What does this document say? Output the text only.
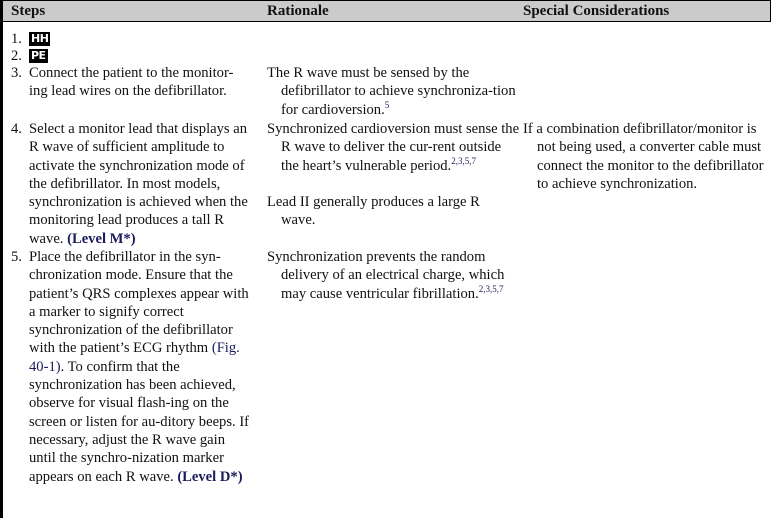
Steps	Rationale	Special Considerations
1. HH
2. PE
3. Connect the patient to the monitor-ing lead wires on the defibrillator.
4. Select a monitor lead that displays an R wave of sufficient amplitude to activate the synchronization mode of the defibrillator. In most models, synchronization is achieved when the monitoring lead produces a tall R wave. (Level M*)
5. Place the defibrillator in the syn-chronization mode. Ensure that the patient’s QRS complexes appear with a marker to signify correct synchronization of the defibrillator with the patient’s ECG rhythm (Fig. 40-1). To confirm that the synchronization has been achieved, observe for visual flash-ing on the screen or listen for au-ditory beeps. If necessary, adjust the R wave gain until the synchro-nization marker appears on each R wave. (Level D*)
The R wave must be sensed by the defibrillator to achieve synchroniza-tion for cardioversion.$^5$
Synchronized cardioversion must sense the R wave to deliver the cur-rent outside the heart’s vulnerable period.$^{2,3,5,7}$
Lead II generally produces a large R wave.
Synchronization prevents the random delivery of an electrical charge, which may cause ventricular fibrillation.$^{2,3,5,7}$
If a combination defibrillator/monitor is not being used, a converter cable must connect the monitor to the defibrillator to achieve synchronization.
